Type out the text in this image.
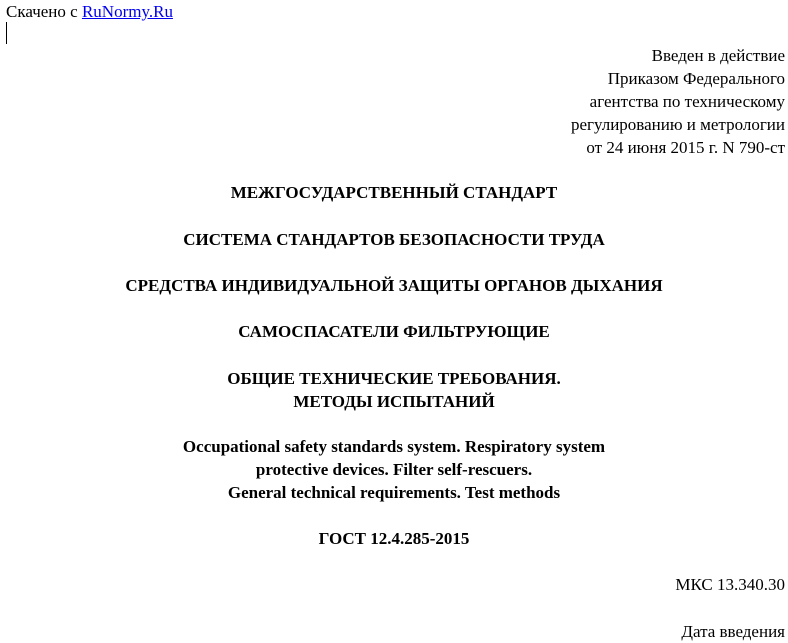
Скачено с RuNormy.Ru
Введен в действие
Приказом Федерального
агентства по техническому
регулированию и метрологии
от 24 июня 2015 г. N 790-ст
МЕЖГОСУДАРСТВЕННЫЙ СТАНДАРТ
СИСТЕМА СТАНДАРТОВ БЕЗОПАСНОСТИ ТРУДА
СРЕДСТВА ИНДИВИДУАЛЬНОЙ ЗАЩИТЫ ОРГАНОВ ДЫХАНИЯ
САМОСПАСАТЕЛИ ФИЛЬТРУЮЩИЕ
ОБЩИЕ ТЕХНИЧЕСКИЕ ТРЕБОВАНИЯ.
МЕТОДЫ ИСПЫТАНИЙ
Occupational safety standards system. Respiratory system
protective devices. Filter self-rescuers.
General technical requirements. Test methods
ГОСТ 12.4.285-2015
МКС 13.340.30
Дата введения
